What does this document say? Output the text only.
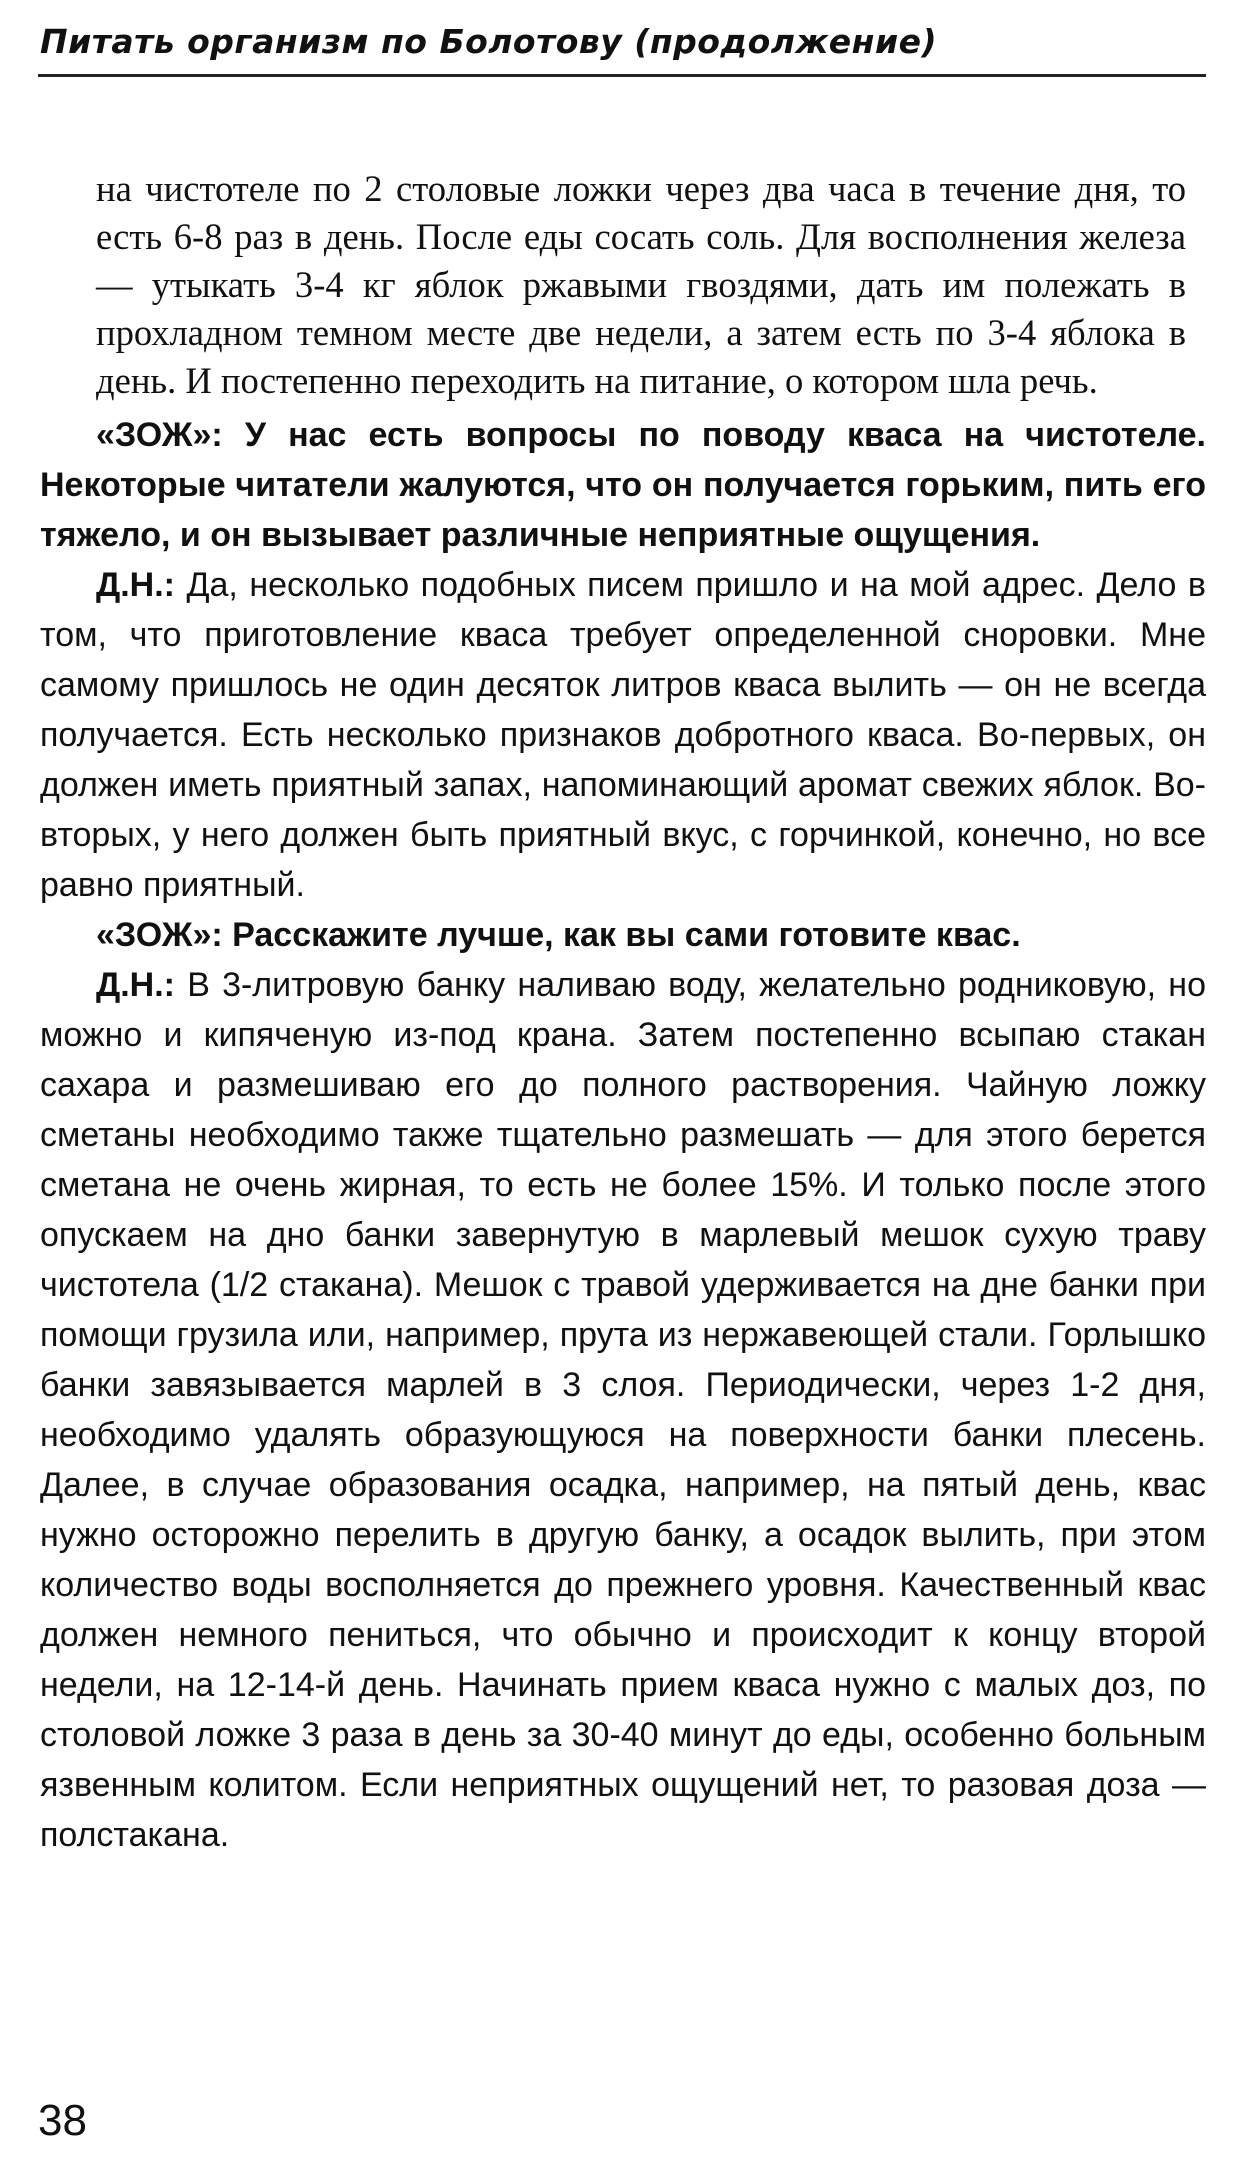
Питать организм по Болотову (продолжение)

на чистотеле по 2 столовые ложки через два часа в течение дня, то есть 6-8 раз в день. После еды сосать соль. Для восполнения железа — утыкать 3-4 кг яблок ржавыми гвоздями, дать им полежать в прохладном темном месте две недели, а затем есть по 3-4 яблока в день. И постепенно переходить на питание, о котором шла речь.

«ЗОЖ»: У нас есть вопросы по поводу кваса на чистотеле. Некоторые читатели жалуются, что он получается горьким, пить его тяжело, и он вызывает различные неприятные ощущения.

Д.Н.: Да, несколько подобных писем пришло и на мой адрес. Дело в том, что приготовление кваса требует определенной сноровки. Мне самому пришлось не один десяток литров кваса вылить — он не всегда получается. Есть несколько признаков добротного кваса. Во-первых, он должен иметь приятный запах, напоминающий аромат свежих яблок. Во-вторых, у него должен быть приятный вкус, с горчинкой, конечно, но все равно приятный.

«ЗОЖ»: Расскажите лучше, как вы сами готовите квас.

Д.Н.: В 3-литровую банку наливаю воду, желательно родниковую, но можно и кипяченую из-под крана. Затем постепенно всыпаю стакан сахара и размешиваю его до полного растворения. Чайную ложку сметаны необходимо также тщательно размешать — для этого берется сметана не очень жирная, то есть не более 15%. И только после этого опускаем на дно банки завернутую в марлевый мешок сухую траву чистотела (1/2 стакана). Мешок с травой удерживается на дне банки при помощи грузила или, например, прута из нержавеющей стали. Горлышко банки завязывается марлей в 3 слоя. Периодически, через 1-2 дня, необходимо удалять образующуюся на поверхности банки плесень. Далее, в случае образования осадка, например, на пятый день, квас нужно осторожно перелить в другую банку, а осадок вылить, при этом количество воды восполняется до прежнего уровня. Качественный квас должен немного пениться, что обычно и происходит к концу второй недели, на 12-14-й день. Начинать прием кваса нужно с малых доз, по столовой ложке 3 раза в день за 30-40 минут до еды, особенно больным язвенным колитом. Если неприятных ощущений нет, то разовая доза — полстакана.

38
